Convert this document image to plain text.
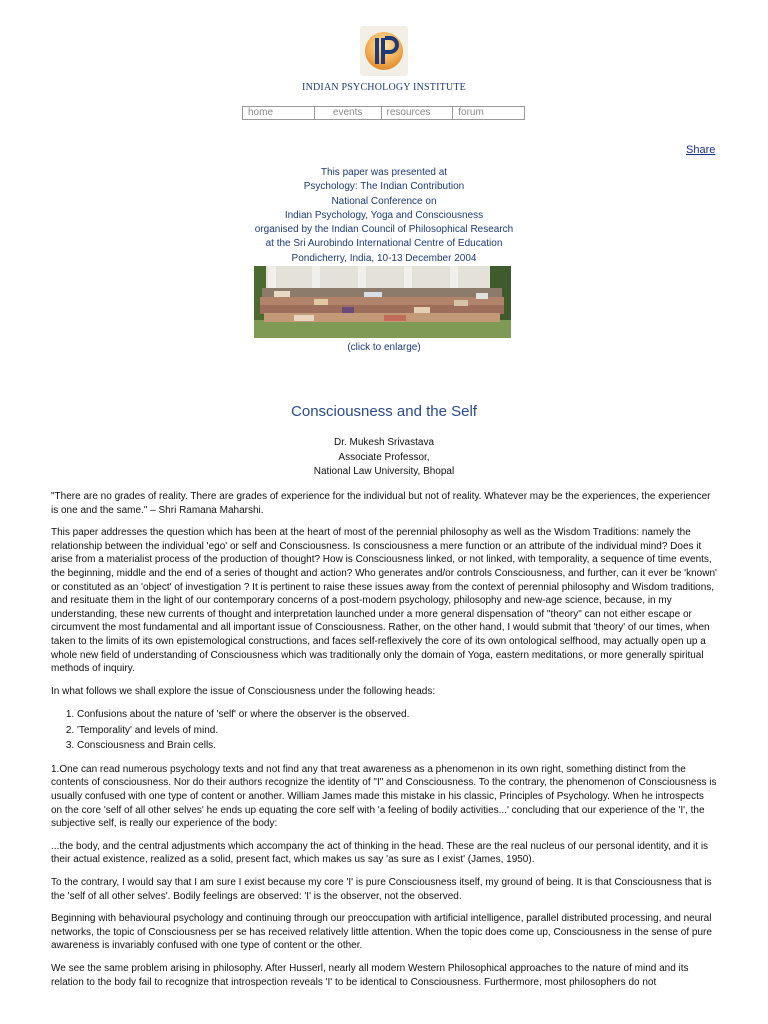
INDIAN PSYCHOLOGY INSTITUTE
home	events	resources	forum
Share
This paper was presented at
Psychology: The Indian Contribution
National Conference on
Indian Psychology, Yoga and Consciousness
organised by the Indian Council of Philosophical Research
at the Sri Aurobindo International Centre of Education
Pondicherry, India, 10-13 December 2004
(click to enlarge)
Consciousness and the Self
Dr. Mukesh Srivastava
Associate Professor,
National Law University, Bhopal

"There are no grades of reality. There are grades of experience for the individual but not of reality. Whatever may be the experiences, the experiencer is one and the same." – Shri Ramana Maharshi.

This paper addresses the question which has been at the heart of most of the perennial philosophy as well as the Wisdom Traditions: namely the relationship between the individual 'ego' or self and Consciousness. Is consciousness a mere function or an attribute of the individual mind? Does it arise from a materialist process of the production of thought? How is Consciousness linked, or not linked, with temporality, a sequence of time events, the beginning, middle and the end of a series of thought and action? Who generates and/or controls Consciousness, and further, can it ever be 'known' or constituted as an 'object' of investigation ? It is pertinent to raise these issues away from the context of perennial philosophy and Wisdom traditions, and resituate them in the light of our contemporary concerns of a post-modern psychology, philosophy and new-age science, because, in my understanding, these new currents of thought and interpretation launched under a more general dispensation of "theory" can not either escape or circumvent the most fundamental and all important issue of Consciousness. Rather, on the other hand, I would submit that 'theory' of our times, when taken to the limits of its own epistemological constructions, and faces self-reflexively the core of its own ontological selfhood, may actually open up a whole new field of understanding of Consciousness which was traditionally only the domain of Yoga, eastern meditations, or more generally spiritual methods of inquiry.

In what follows we shall explore the issue of Consciousness under the following heads:

1. Confusions about the nature of 'self' or where the observer is the observed.
2. 'Temporality' and levels of mind.
3. Consciousness and Brain cells.

1.One can read numerous psychology texts and not find any that treat awareness as a phenomenon in its own right, something distinct from the contents of consciousness. Nor do their authors recognize the identity of "I" and Consciousness. To the contrary, the phenomenon of Consciousness is usually confused with one type of content or another. William James made this mistake in his classic, Principles of Psychology. When he introspects on the core 'self of all other selves' he ends up equating the core self with 'a feeling of bodily activities...' concluding that our experience of the 'I', the subjective self, is really our experience of the body:

...the body, and the central adjustments which accompany the act of thinking in the head. These are the real nucleus of our personal identity, and it is their actual existence, realized as a solid, present fact, which makes us say 'as sure as I exist' (James, 1950).

To the contrary, I would say that I am sure I exist because my core 'I' is pure Consciousness itself, my ground of being. It is that Consciousness that is the 'self of all other selves'. Bodily feelings are observed: 'I' is the observer, not the observed.

Beginning with behavioural psychology and continuing through our preoccupation with artificial intelligence, parallel distributed processing, and neural networks, the topic of Consciousness per se has received relatively little attention. When the topic does come up, Consciousness in the sense of pure awareness is invariably confused with one type of content or the other.

We see the same problem arising in philosophy. After Husserl, nearly all modern Western Philosophical approaches to the nature of mind and its relation to the body fail to recognize that introspection reveals 'I' to be identical to Consciousness. Furthermore, most philosophers do not
